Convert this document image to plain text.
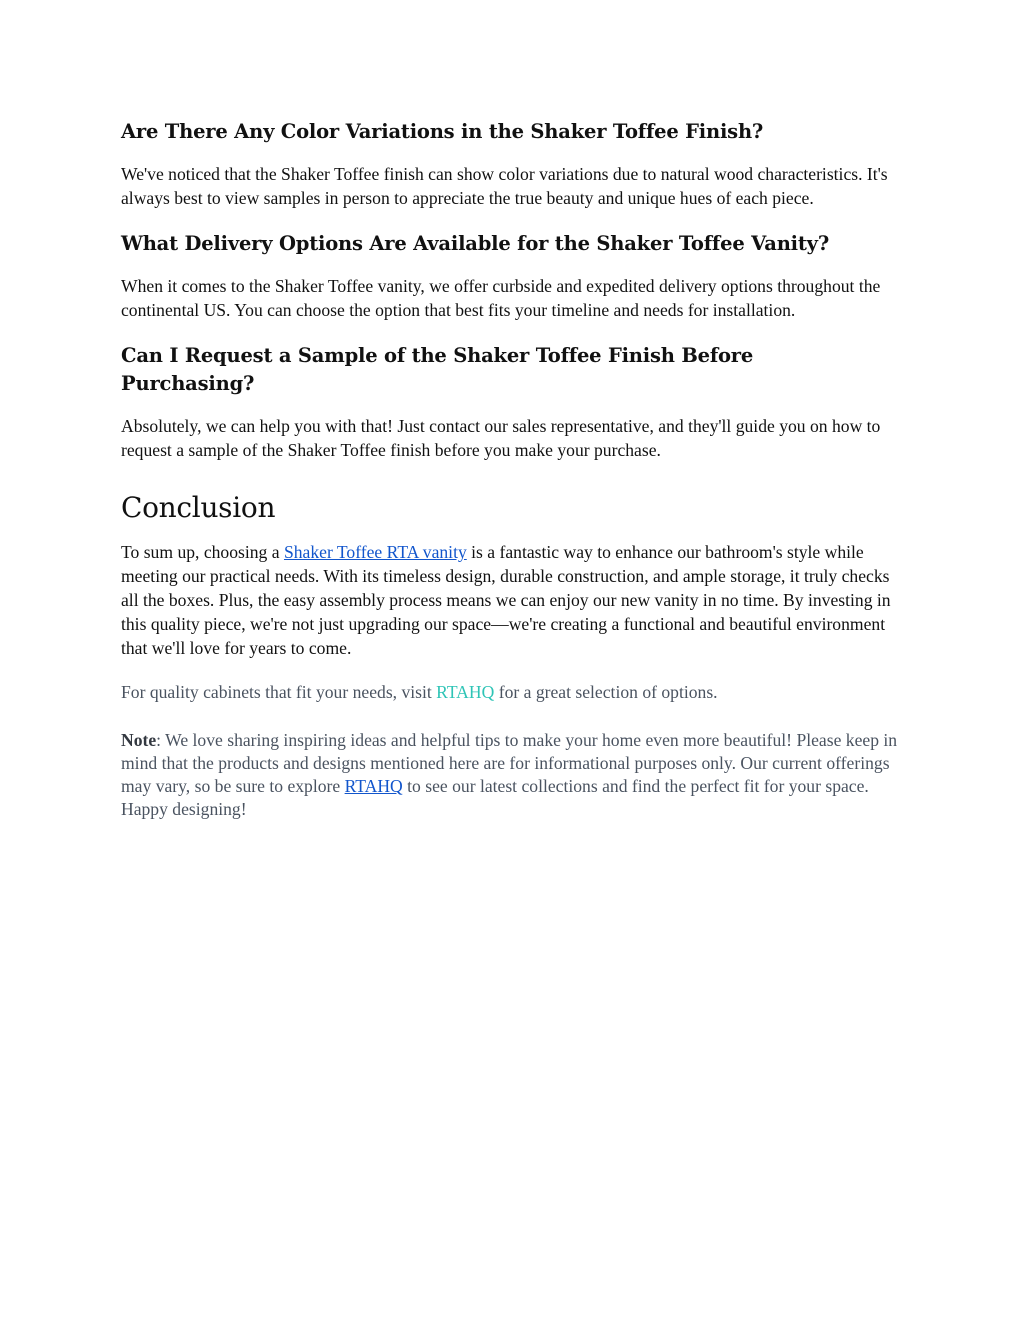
Are There Any Color Variations in the Shaker Toffee Finish?

We've noticed that the Shaker Toffee finish can show color variations due to natural wood characteristics. It's always best to view samples in person to appreciate the true beauty and unique hues of each piece.

What Delivery Options Are Available for the Shaker Toffee Vanity?

When it comes to the Shaker Toffee vanity, we offer curbside and expedited delivery options throughout the continental US. You can choose the option that best fits your timeline and needs for installation.

Can I Request a Sample of the Shaker Toffee Finish Before Purchasing?

Absolutely, we can help you with that! Just contact our sales representative, and they'll guide you on how to request a sample of the Shaker Toffee finish before you make your purchase.

Conclusion

To sum up, choosing a Shaker Toffee RTA vanity is a fantastic way to enhance our bathroom's style while meeting our practical needs. With its timeless design, durable construction, and ample storage, it truly checks all the boxes. Plus, the easy assembly process means we can enjoy our new vanity in no time. By investing in this quality piece, we're not just upgrading our space—we're creating a functional and beautiful environment that we'll love for years to come.

For quality cabinets that fit your needs, visit RTAHQ for a great selection of options.

Note: We love sharing inspiring ideas and helpful tips to make your home even more beautiful! Please keep in mind that the products and designs mentioned here are for informational purposes only. Our current offerings may vary, so be sure to explore RTAHQ to see our latest collections and find the perfect fit for your space. Happy designing!
